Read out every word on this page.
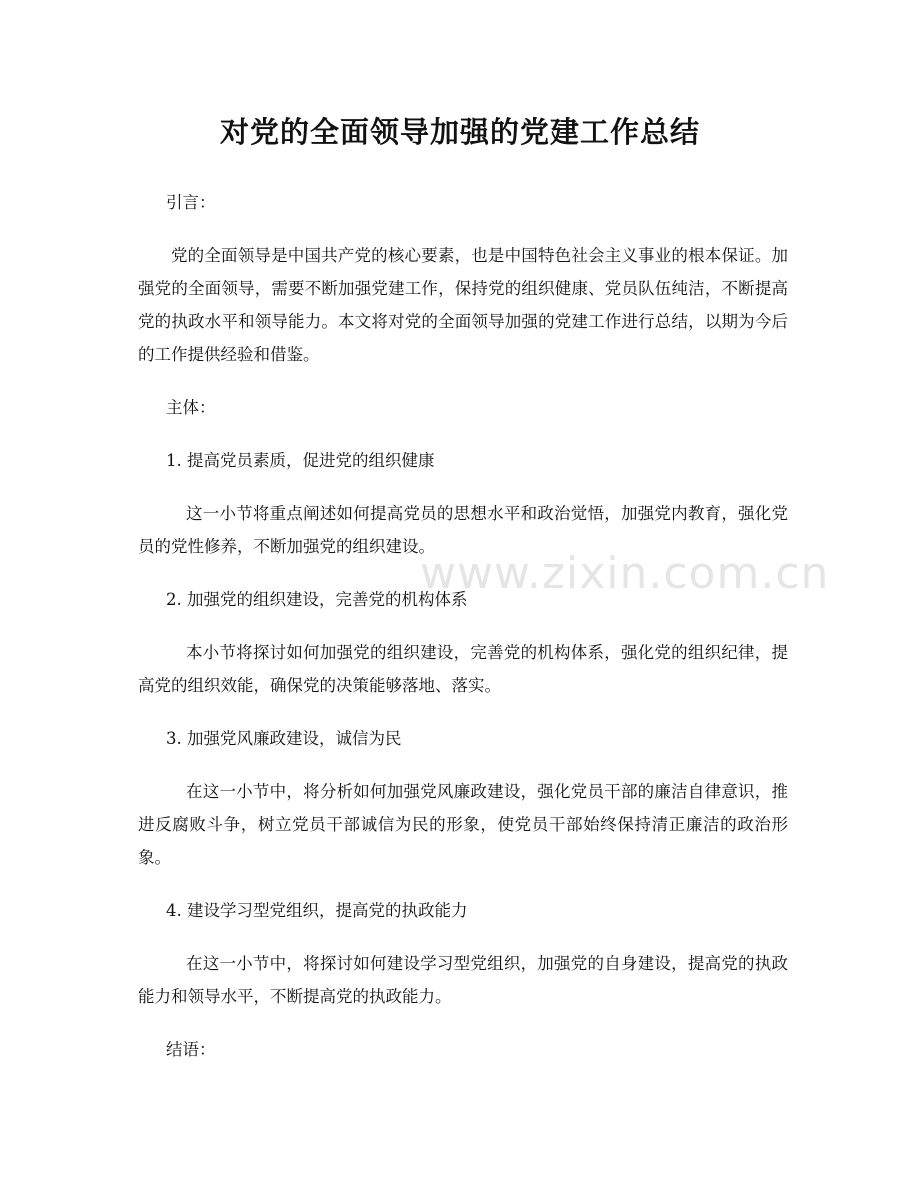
对党的全面领导加强的党建工作总结

引言：

党的全面领导是中国共产党的核心要素，也是中国特色社会主义事业的根本保证。加强党的全面领导，需要不断加强党建工作，保持党的组织健康、党员队伍纯洁，不断提高党的执政水平和领导能力。本文将对党的全面领导加强的党建工作进行总结，以期为今后的工作提供经验和借鉴。

主体：

1. 提高党员素质，促进党的组织健康

这一小节将重点阐述如何提高党员的思想水平和政治觉悟，加强党内教育，强化党员的党性修养，不断加强党的组织建设。

2. 加强党的组织建设，完善党的机构体系

本小节将探讨如何加强党的组织建设，完善党的机构体系，强化党的组织纪律，提高党的组织效能，确保党的决策能够落地、落实。

3. 加强党风廉政建设，诚信为民

在这一小节中，将分析如何加强党风廉政建设，强化党员干部的廉洁自律意识，推进反腐败斗争，树立党员干部诚信为民的形象，使党员干部始终保持清正廉洁的政治形象。

4. 建设学习型党组织，提高党的执政能力

在这一小节中，将探讨如何建设学习型党组织，加强党的自身建设，提高党的执政能力和领导水平，不断提高党的执政能力。

结语：

www.zixin.com.cn
